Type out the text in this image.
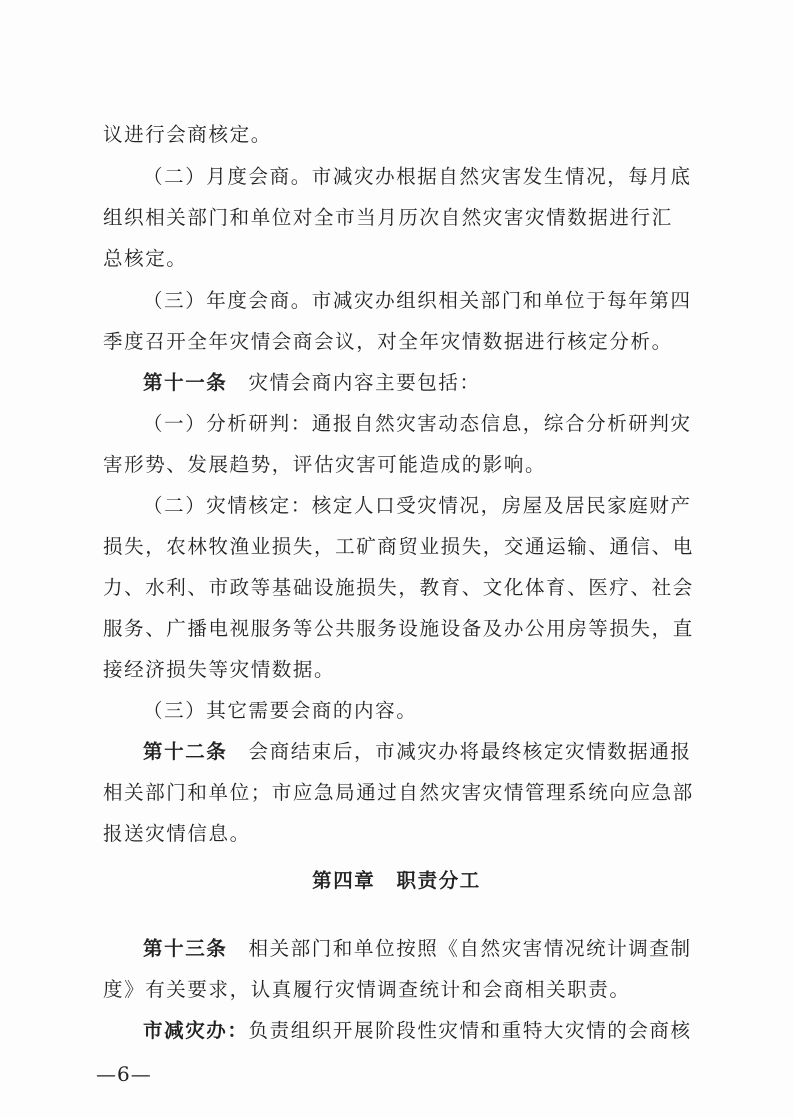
议进行会商核定。
（二）月度会商。市减灾办根据自然灾害发生情况，每月底
组织相关部门和单位对全市当月历次自然灾害灾情数据进行汇
总核定。
（三）年度会商。市减灾办组织相关部门和单位于每年第四
季度召开全年灾情会商会议，对全年灾情数据进行核定分析。
第十一条　灾情会商内容主要包括：
（一）分析研判：通报自然灾害动态信息，综合分析研判灾
害形势、发展趋势，评估灾害可能造成的影响。
（二）灾情核定：核定人口受灾情况，房屋及居民家庭财产
损失，农林牧渔业损失，工矿商贸业损失，交通运输、通信、电
力、水利、市政等基础设施损失，教育、文化体育、医疗、社会
服务、广播电视服务等公共服务设施设备及办公用房等损失，直
接经济损失等灾情数据。
（三）其它需要会商的内容。
第十二条　会商结束后，市减灾办将最终核定灾情数据通报
相关部门和单位；市应急局通过自然灾害灾情管理系统向应急部
报送灾情信息。
第四章　职责分工
第十三条　相关部门和单位按照《自然灾害情况统计调查制
度》有关要求，认真履行灾情调查统计和会商相关职责。
市减灾办：负责组织开展阶段性灾情和重特大灾情的会商核
—6—
